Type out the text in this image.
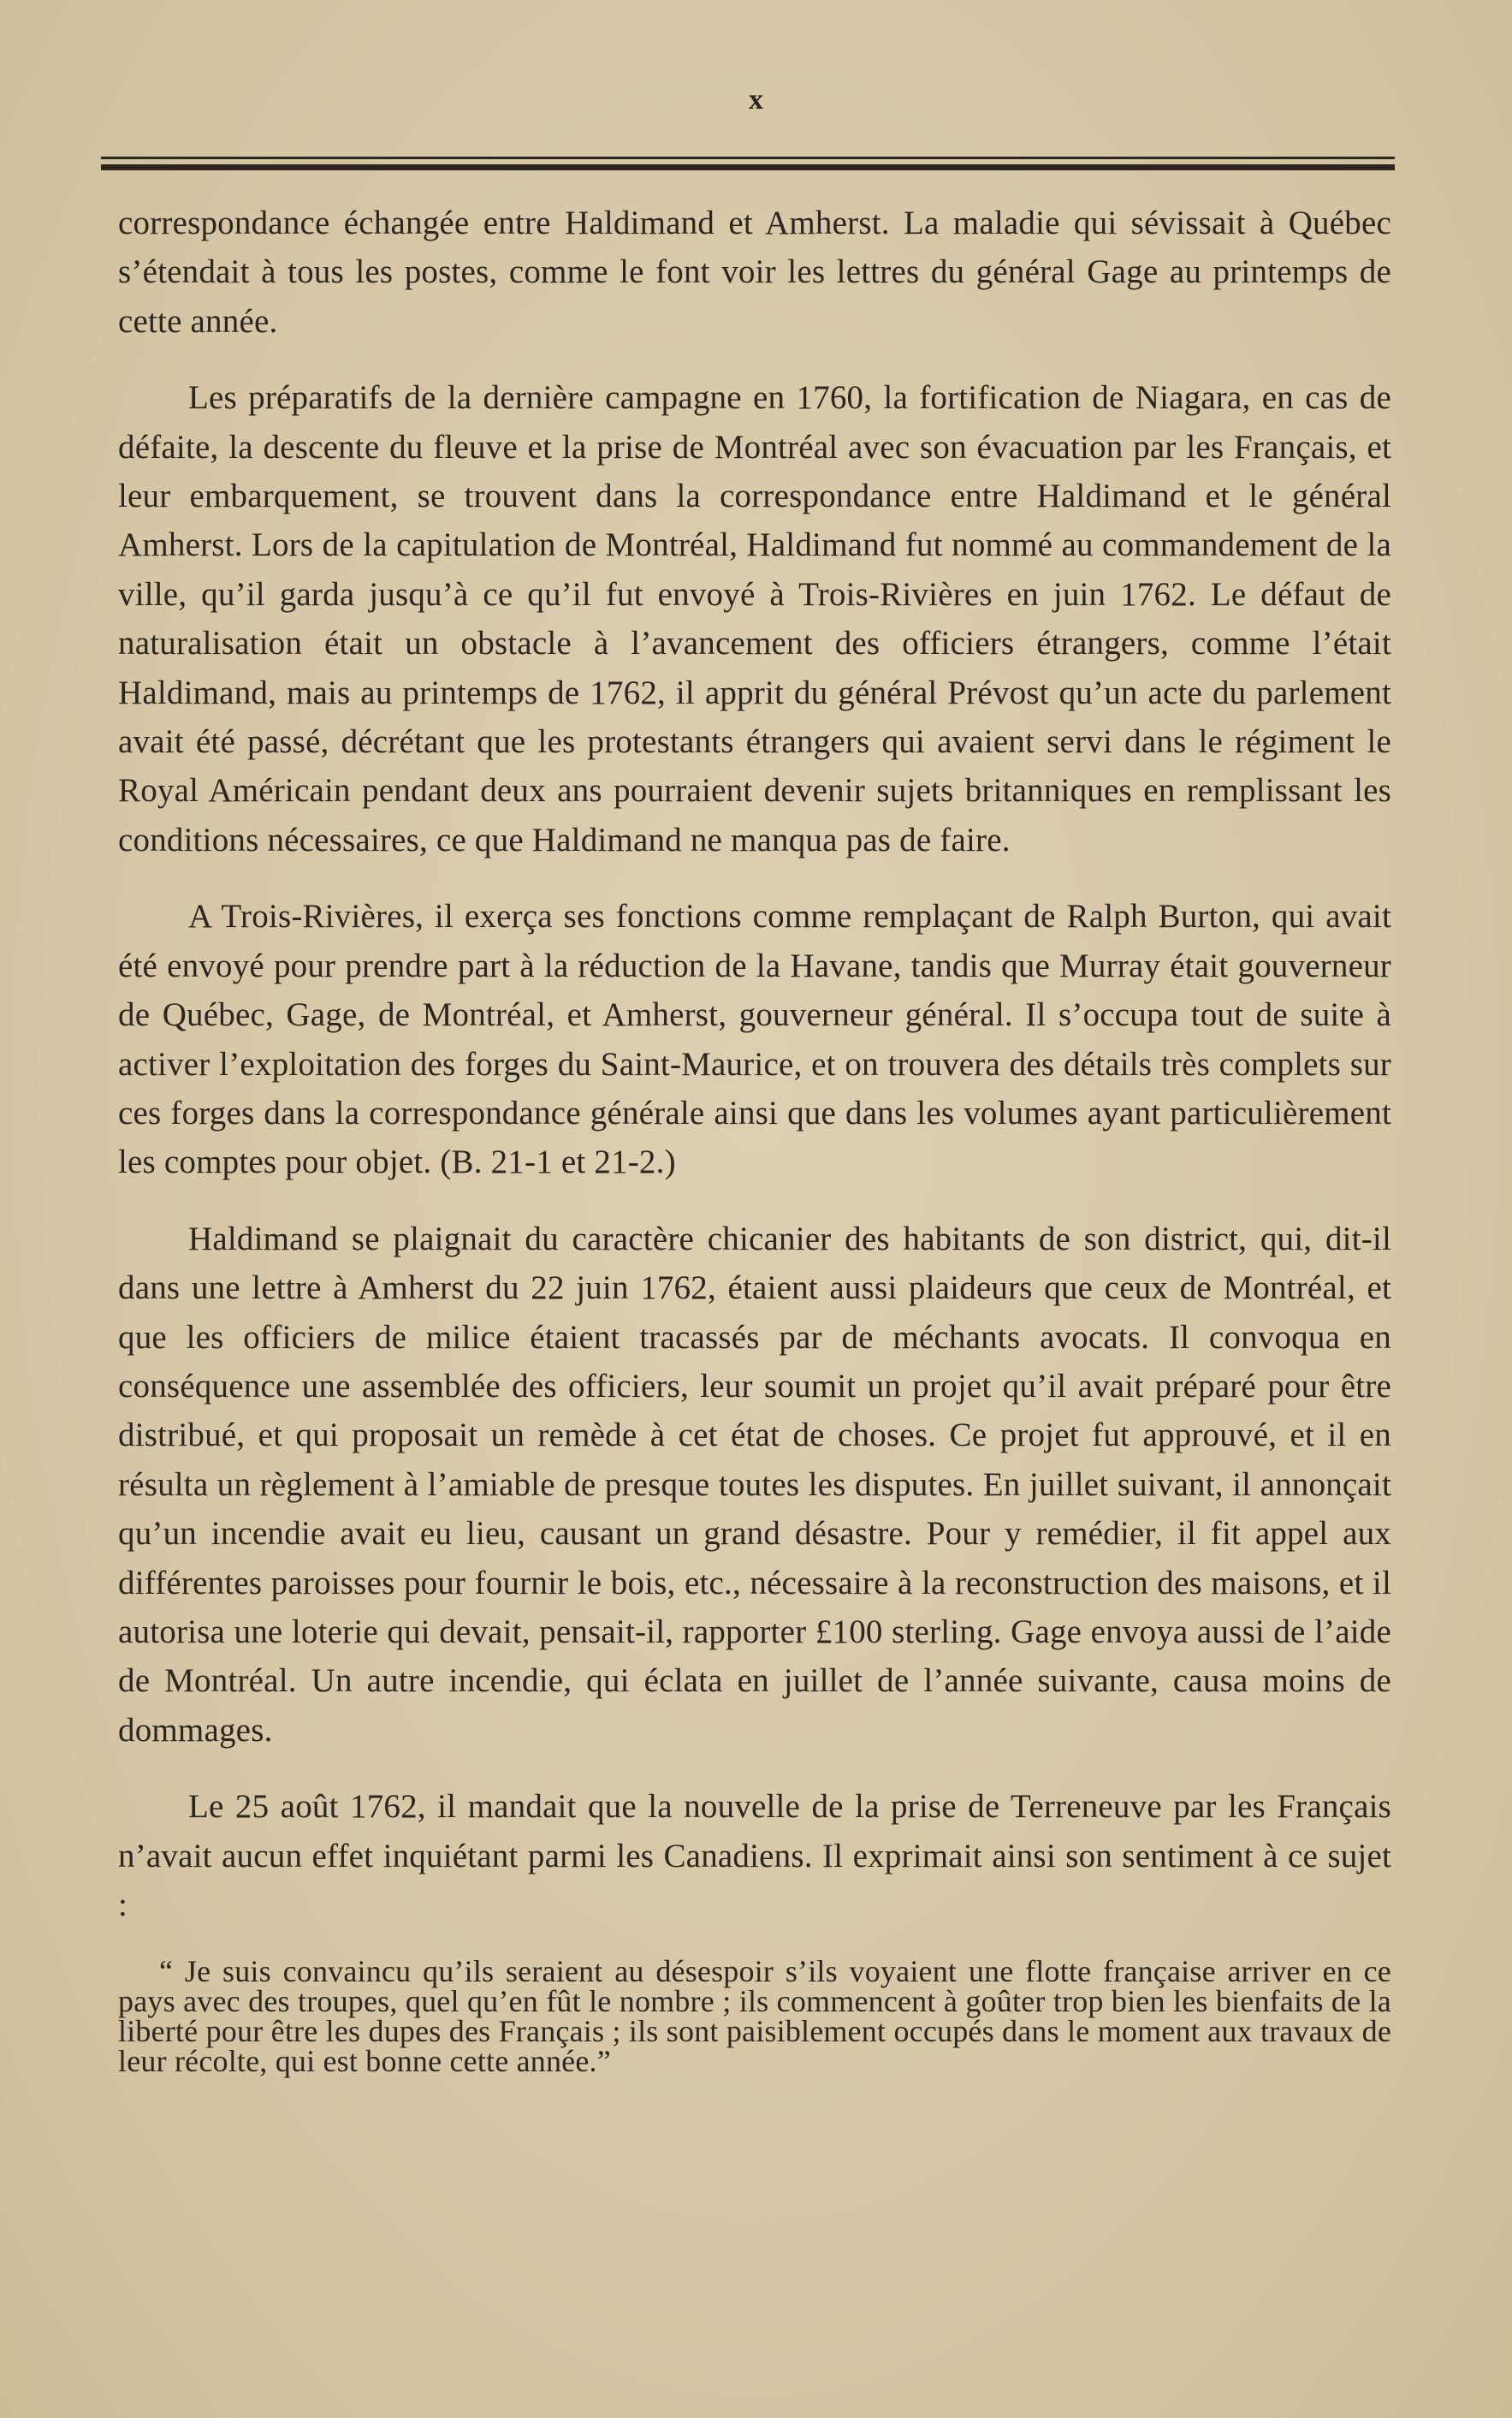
x

correspondance échangée entre Haldimand et Amherst. La maladie qui sévissait à Québec s’étendait à tous les postes, comme le font voir les lettres du général Gage au printemps de cette année.

Les préparatifs de la dernière campagne en 1760, la fortification de Niagara, en cas de défaite, la descente du fleuve et la prise de Montréal avec son évacuation par les Français, et leur embarquement, se trouvent dans la correspondance entre Haldimand et le général Amherst. Lors de la capitulation de Montréal, Haldimand fut nommé au commandement de la ville, qu’il garda jusqu’à ce qu’il fut envoyé à Trois-Rivières en juin 1762. Le défaut de naturalisation était un obstacle à l’avancement des officiers étrangers, comme l’était Haldimand, mais au printemps de 1762, il apprit du général Prévost qu’un acte du parlement avait été passé, décrétant que les protestants étrangers qui avaient servi dans le régiment le Royal Américain pendant deux ans pourraient devenir sujets britanniques en remplissant les conditions nécessaires, ce que Haldimand ne manqua pas de faire.

A Trois-Rivières, il exerça ses fonctions comme remplaçant de Ralph Burton, qui avait été envoyé pour prendre part à la réduction de la Havane, tandis que Murray était gouverneur de Québec, Gage, de Montréal, et Amherst, gouverneur général. Il s’occupa tout de suite à activer l’exploitation des forges du Saint-Maurice, et on trouvera des détails très complets sur ces forges dans la correspondance générale ainsi que dans les volumes ayant particulièrement les comptes pour objet. (B. 21-1 et 21-2.)

Haldimand se plaignait du caractère chicanier des habitants de son district, qui, dit-il dans une lettre à Amherst du 22 juin 1762, étaient aussi plaideurs que ceux de Montréal, et que les officiers de milice étaient tracassés par de méchants avocats. Il convoqua en conséquence une assemblée des officiers, leur soumit un projet qu’il avait préparé pour être distribué, et qui proposait un remède à cet état de choses. Ce projet fut approuvé, et il en résulta un règlement à l’amiable de presque toutes les disputes. En juillet suivant, il annonçait qu’un incendie avait eu lieu, causant un grand désastre. Pour y remédier, il fit appel aux différentes paroisses pour fournir le bois, etc., nécessaire à la reconstruction des maisons, et il autorisa une loterie qui devait, pensait-il, rapporter £100 sterling. Gage envoya aussi de l’aide de Montréal. Un autre incendie, qui éclata en juillet de l’année suivante, causa moins de dommages.

Le 25 août 1762, il mandait que la nouvelle de la prise de Terreneuve par les Français n’avait aucun effet inquiétant parmi les Canadiens. Il exprimait ainsi son sentiment à ce sujet :

“ Je suis convaincu qu’ils seraient au désespoir s’ils voyaient une flotte française arriver en ce pays avec des troupes, quel qu’en fût le nombre ; ils commencent à goûter trop bien les bienfaits de la liberté pour être les dupes des Français ; ils sont paisiblement occupés dans le moment aux travaux de leur récolte, qui est bonne cette année.”
